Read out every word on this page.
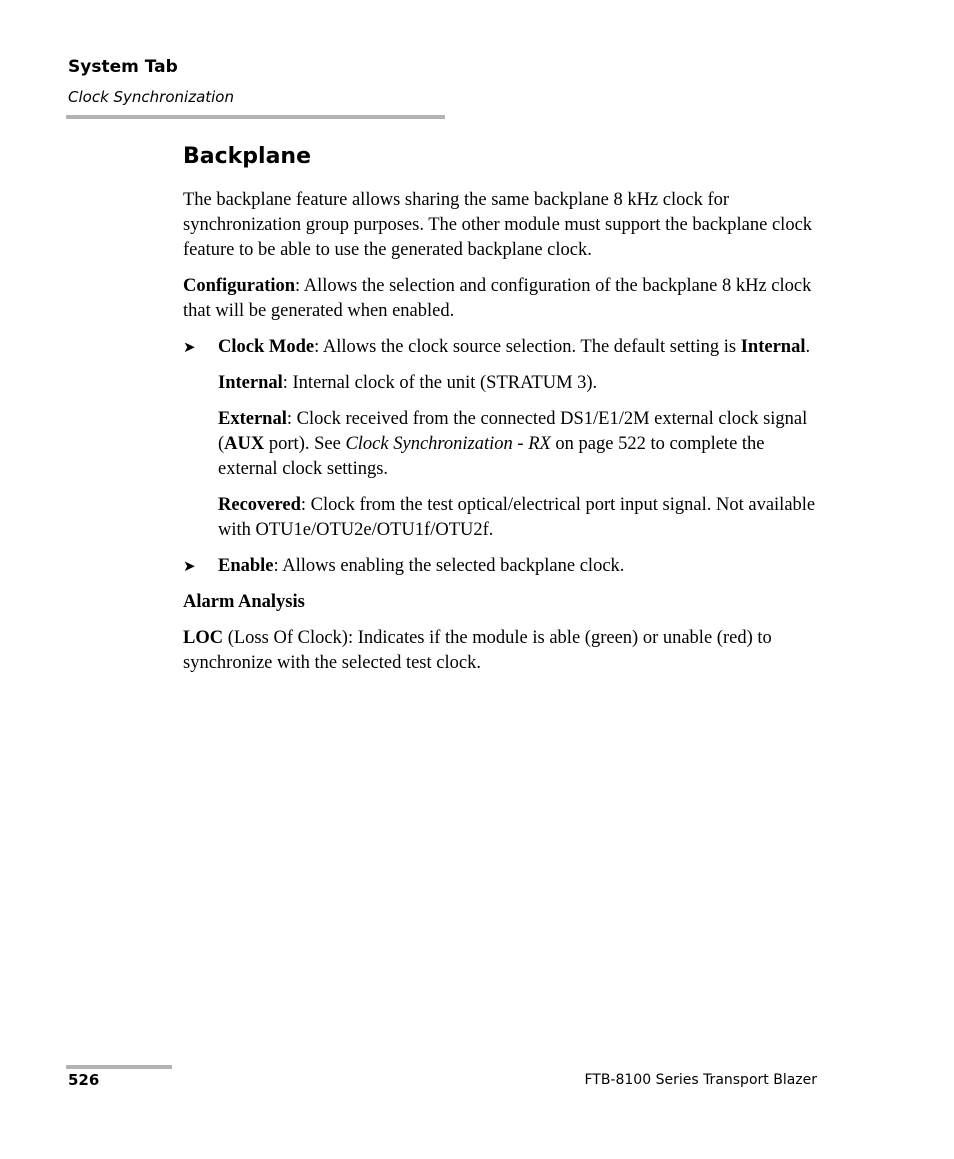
System Tab
Clock Synchronization
Backplane

The backplane feature allows sharing the same backplane 8 kHz clock for synchronization group purposes. The other module must support the backplane clock feature to be able to use the generated backplane clock.

Configuration: Allows the selection and configuration of the backplane 8 kHz clock that will be generated when enabled.

➤ Clock Mode: Allows the clock source selection. The default setting is Internal.

Internal: Internal clock of the unit (STRATUM 3).

External: Clock received from the connected DS1/E1/2M external clock signal (AUX port). See Clock Synchronization - RX on page 522 to complete the external clock settings.

Recovered: Clock from the test optical/electrical port input signal. Not available with OTU1e/OTU2e/OTU1f/OTU2f.

➤ Enable: Allows enabling the selected backplane clock.

Alarm Analysis

LOC (Loss Of Clock): Indicates if the module is able (green) or unable (red) to synchronize with the selected test clock.

526	FTB-8100 Series Transport Blazer
